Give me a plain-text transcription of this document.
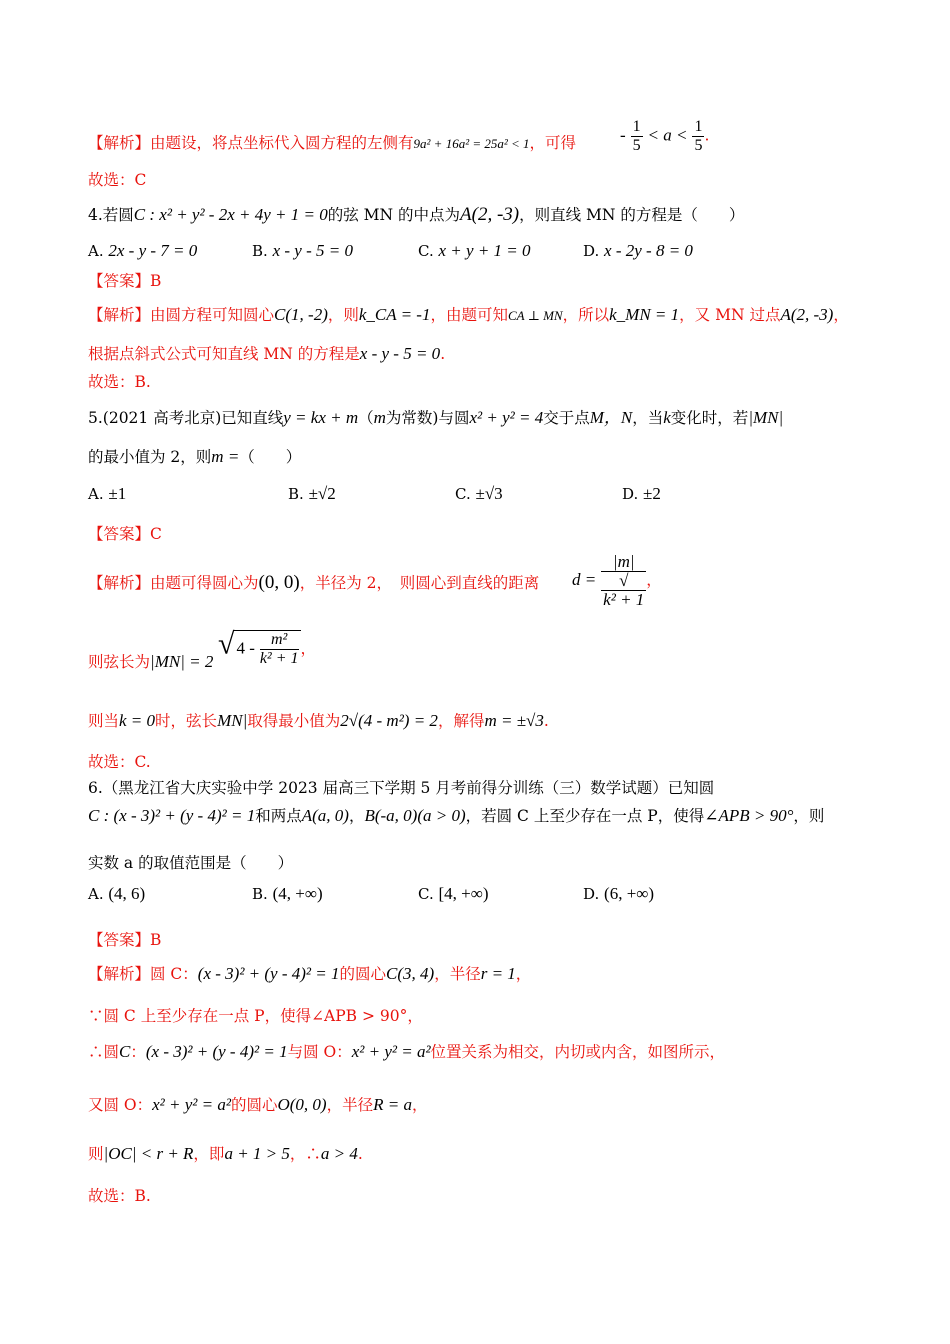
【解析】由题设，将点坐标代入圆方程的左侧有9a² + 16a² = 25a² < 1，可得	- $\frac{1}{5} < a < \frac{1}{5}$ .
故选：C
4.若圆C : x² + y² - 2x + 4y + 1 = 0的弦 MN 的中点为A(2, -3)，则直线 MN 的方程是（　　）
A. 2x - y - 7 = 0	B. x - y - 5 = 0	C. x + y + 1 = 0	D. x - 2y - 8 = 0
【答案】B
【解析】由圆方程可知圆心C(1, -2)，则k_CA = -1，由题可知CA ⊥ MN，所以k_MN = 1，又 MN 过点A(2, -3)，
根据点斜式公式可知直线 MN 的方程是x - y - 5 = 0.
故选：B.
5.(2021 高考北京)已知直线y = kx + m（m为常数)与圆x² + y² = 4交于点M，N，当k变化时，若|MN|
的最小值为 2，则m =（　　）
A. ±1	B. ±√2	C. ±√3	D. ±2
【答案】C
【解析】由题可得圆心为(0, 0)，半径为 2，　则圆心到直线的距离 d = |m|
√
k² + 1 ，
则弦长为|MN| = 2
√ $4 - \frac{\text{m²}}{\text{k² + 1}}$ ，
则当k = 0时，弦长MN|取得最小值为2√(4 - m²) = 2，解得m = ±√3.
故选：C.
6.（黑龙江省大庆实验中学 2023 届高三下学期 5 月考前得分训练（三）数学试题）已知圆
C : (x - 3)² + (y - 4)² = 1和两点A(a, 0)，B(-a, 0)(a > 0)，若圆 C 上至少存在一点 P，使得∠APB > 90°，则
实数 a 的取值范围是（　　）
A. (4, 6)	B. (4, +∞)	C. [4, +∞)	D. (6, +∞)
【答案】B
【解析】圆 C：(x - 3)² + (y - 4)² = 1的圆心C(3, 4)，半径r = 1，
∵圆 C 上至少存在一点 P，使得∠APB > 90°，
∴圆C：(x - 3)² + (y - 4)² = 1与圆 O：x² + y² = a²位置关系为相交，内切或内含，如图所示，
又圆 O：x² + y² = a²的圆心O(0, 0)，半径R = a，
则|OC| < r + R，即a + 1 > 5，∴a > 4.
故选：B.
